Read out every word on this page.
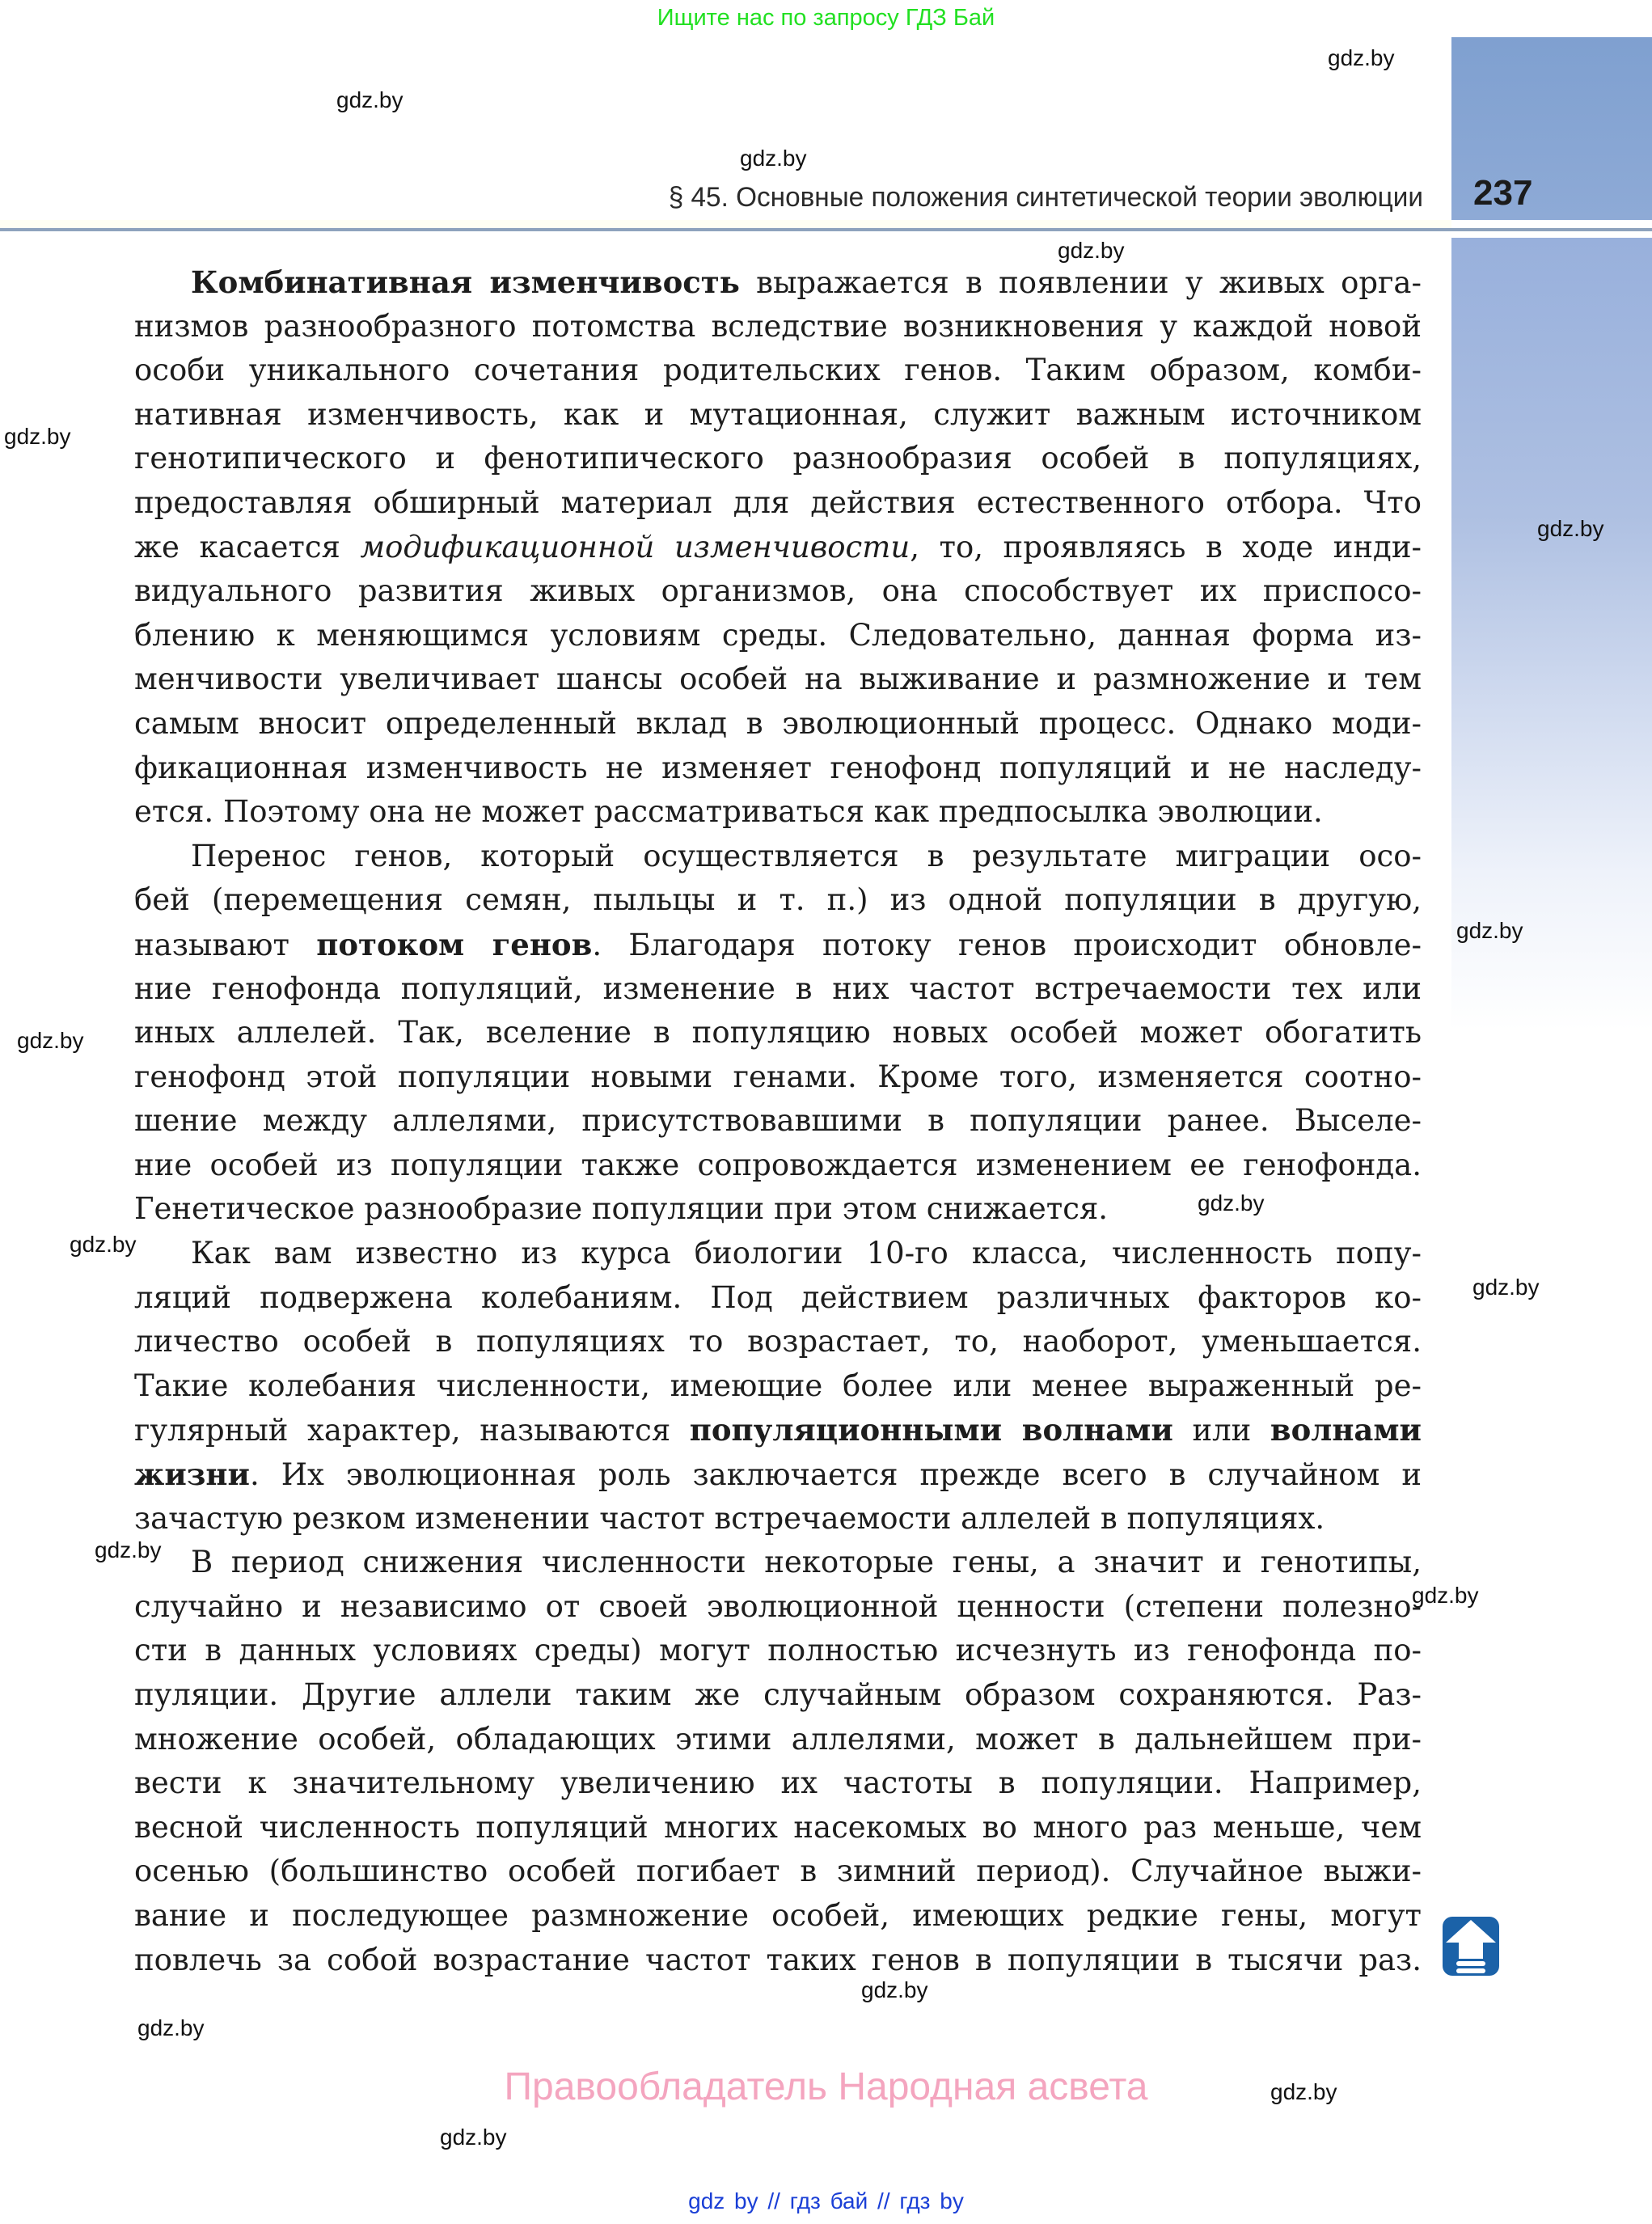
Ищите нас по запросу ГДЗ Бай
237
§ 45. Основные положения синтетической теории эволюции
Комбинативная изменчивость выражается в появлении у живых орга-
низмов разнообразного потомства вследствие возникновения у каждой новой
особи уникального сочетания родительских генов. Таким образом, комби-
нативная изменчивость, как и мутационная, служит важным источником
генотипического и фенотипического разнообразия особей в популяциях,
предоставляя обширный материал для действия естественного отбора. Что
же касается модификационной изменчивости, то, проявляясь в ходе инди-
видуального развития живых организмов, она способствует их приспосо-
блению к меняющимся условиям среды. Следовательно, данная форма из-
менчивости увеличивает шансы особей на выживание и размножение и тем
самым вносит определенный вклад в эволюционный процесс. Однако моди-
фикационная изменчивость не изменяет генофонд популяций и не наследу-
ется. Поэтому она не может рассматриваться как предпосылка эволюции.
Перенос генов, который осуществляется в результате миграции осо-
бей (перемещения семян, пыльцы и т. п.) из одной популяции в другую,
называют потоком генов. Благодаря потоку генов происходит обновле-
ние генофонда популяций, изменение в них частот встречаемости тех или
иных аллелей. Так, вселение в популяцию новых особей может обогатить
генофонд этой популяции новыми генами. Кроме того, изменяется соотно-
шение между аллелями, присутствовавшими в популяции ранее. Выселе-
ние особей из популяции также сопровождается изменением ее генофонда.
Генетическое разнообразие популяции при этом снижается.
Как вам известно из курса биологии 10-го класса, численность попу-
ляций подвержена колебаниям. Под действием различных факторов ко-
личество особей в популяциях то возрастает, то, наоборот, уменьшается.
Такие колебания численности, имеющие более или менее выраженный ре-
гулярный характер, называются популяционными волнами или волнами
жизни. Их эволюционная роль заключается прежде всего в случайном и
зачастую резком изменении частот встречаемости аллелей в популяциях.
В период снижения численности некоторые гены, а значит и генотипы,
случайно и независимо от своей эволюционной ценности (степени полезно-
сти в данных условиях среды) могут полностью исчезнуть из генофонда по-
пуляции. Другие аллели таким же случайным образом сохраняются. Раз-
множение особей, обладающих этими аллелями, может в дальнейшем при-
вести к значительному увеличению их частоты в популяции. Например,
весной численность популяций многих насекомых во много раз меньше, чем
осенью (большинство особей погибает в зимний период). Случайное выжи-
вание и последующее размножение особей, имеющих редкие гены, могут
повлечь за собой возрастание частот таких генов в популяции в тысячи раз.
gdz.by
gdz.by
gdz.by
gdz.by
gdz.by
gdz.by
gdz.by
gdz.by
gdz.by
gdz.by
gdz.by
gdz.by
gdz.by
gdz.by
gdz.by
gdz.by
gdz.by
Правообладатель Народная асвета
gdz by // гдз бай // гдз by
